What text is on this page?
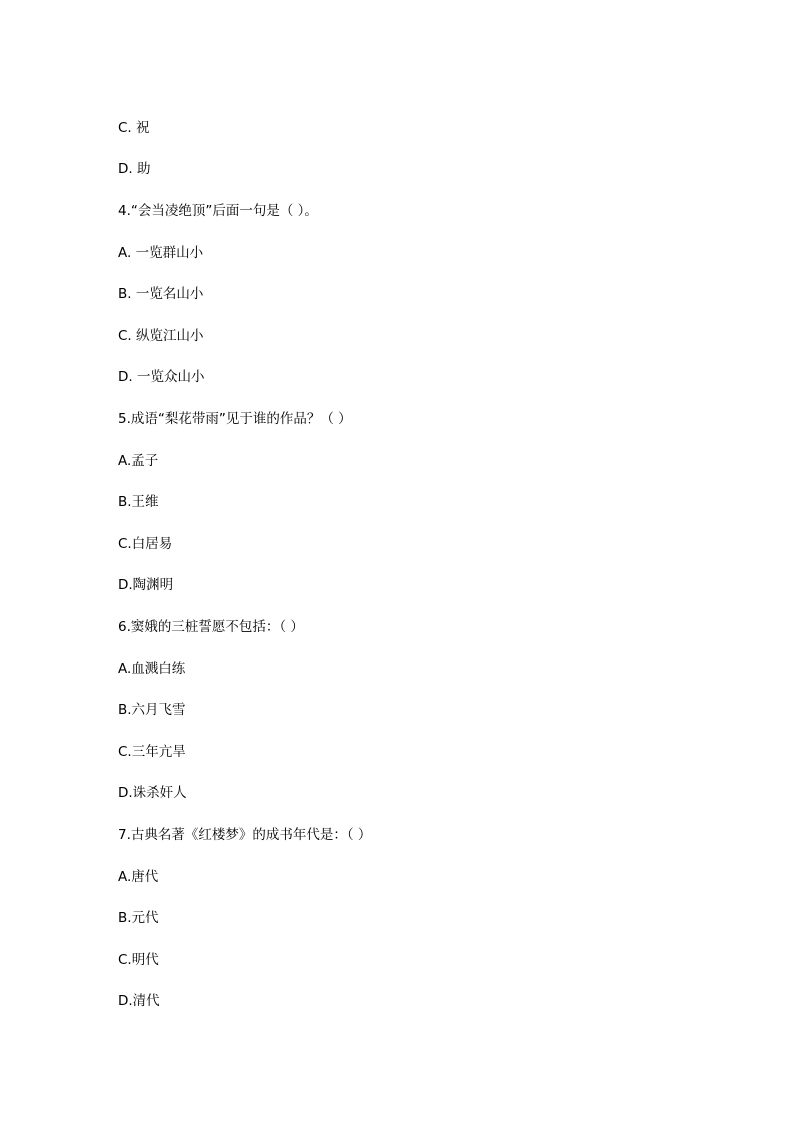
C. 祝
D. 助
4.“会当凌绝顶”后面一句是（ ）。
A. 一览群山小
B. 一览名山小
C. 纵览江山小
D. 一览众山小
5.成语“梨花带雨”见于谁的作品？（ ）
A.孟子
B.王维
C.白居易
D.陶渊明
6.窦娥的三桩誓愿不包括：（ ）
A.血溅白练
B.六月飞雪
C.三年亢旱
D.诛杀奸人
7.古典名著《红楼梦》的成书年代是：（ ）
A.唐代
B.元代
C.明代
D.清代
